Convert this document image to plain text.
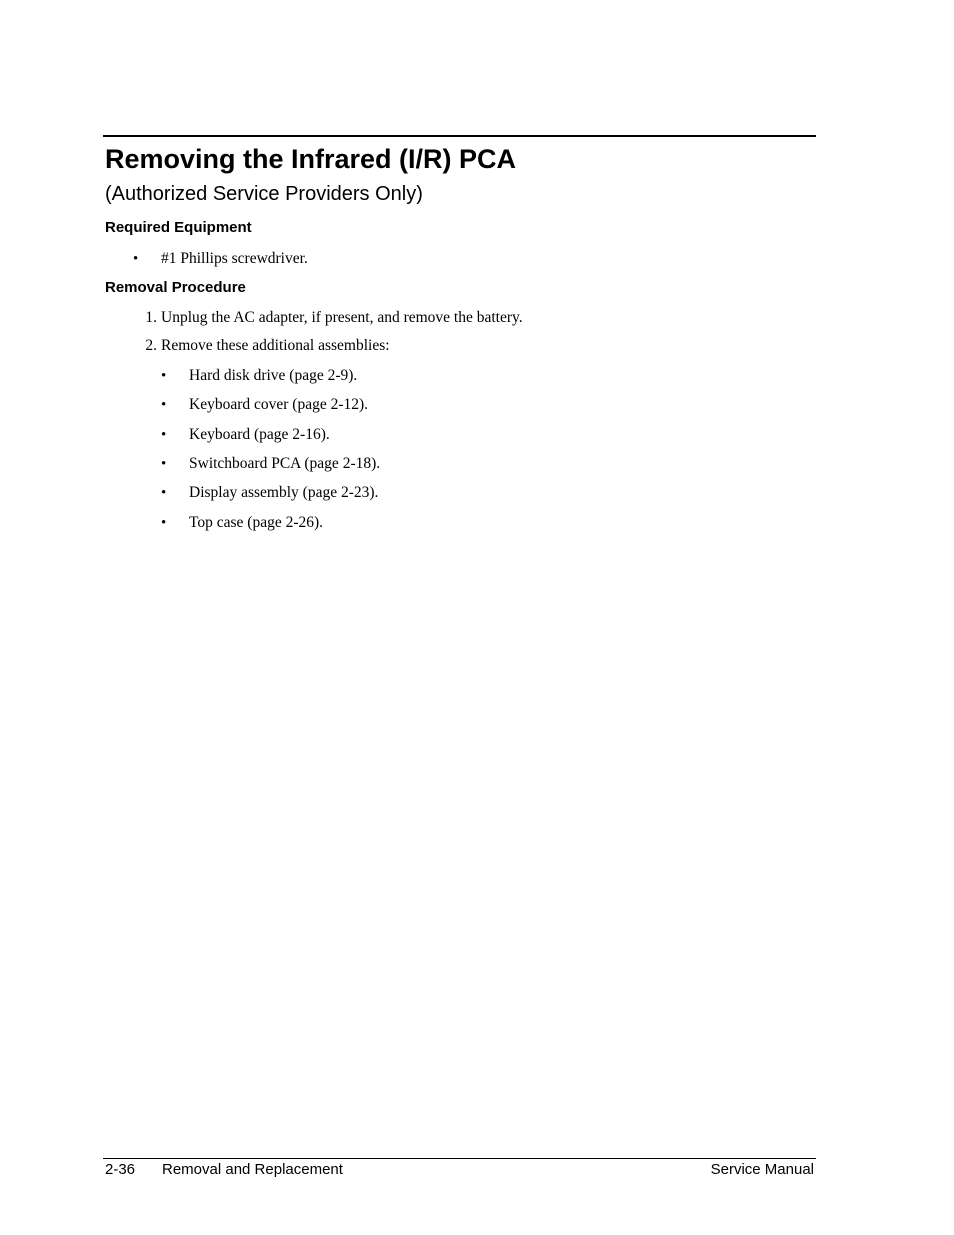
Removing the Infrared (I/R) PCA

(Authorized Service Providers Only)

Required Equipment

• #1 Phillips screwdriver.

Removal Procedure

1. Unplug the AC adapter, if present, and remove the battery.

2. Remove these additional assemblies:

• Hard disk drive (page 2-9).

• Keyboard cover (page 2-12).

• Keyboard (page 2-16).

• Switchboard PCA (page 2-18).

• Display assembly (page 2-23).

• Top case (page 2-26).

2-36 Removal and Replacement	Service Manual
